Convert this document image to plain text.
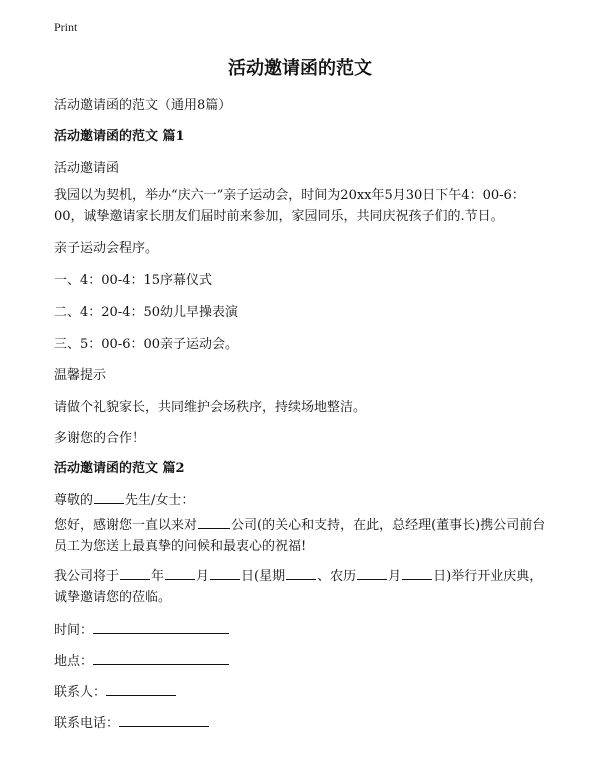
Print
活动邀请函的范文
活动邀请函的范文（通用8篇）
活动邀请函的范文 篇1
活动邀请函
我园以为契机，举办“庆六一”亲子运动会，时间为20xx年5月30日下午4：00-6：00，诚挚邀请家长朋友们届时前来参加，家园同乐，共同庆祝孩子们的.节日。
亲子运动会程序。
一、4：00-4：15序幕仪式
二、4：20-4：50幼儿早操表演
三、5：00-6：00亲子运动会。
温馨提示
请做个礼貌家长，共同维护会场秩序，持续场地整洁。
多谢您的合作！
活动邀请函的范文 篇2
尊敬的 先生/女士：
您好，感谢您一直以来对	公司(的关心和支持，在此，总经理(董事长)携公司前台员工为您送上最真挚的问候和最衷心的祝福!
我公司将于 年 月 日(星期 、农历 月 日)举行开业庆典，诚挚邀请您的莅临。
时间：
地点：
联系人：
联系电话：
